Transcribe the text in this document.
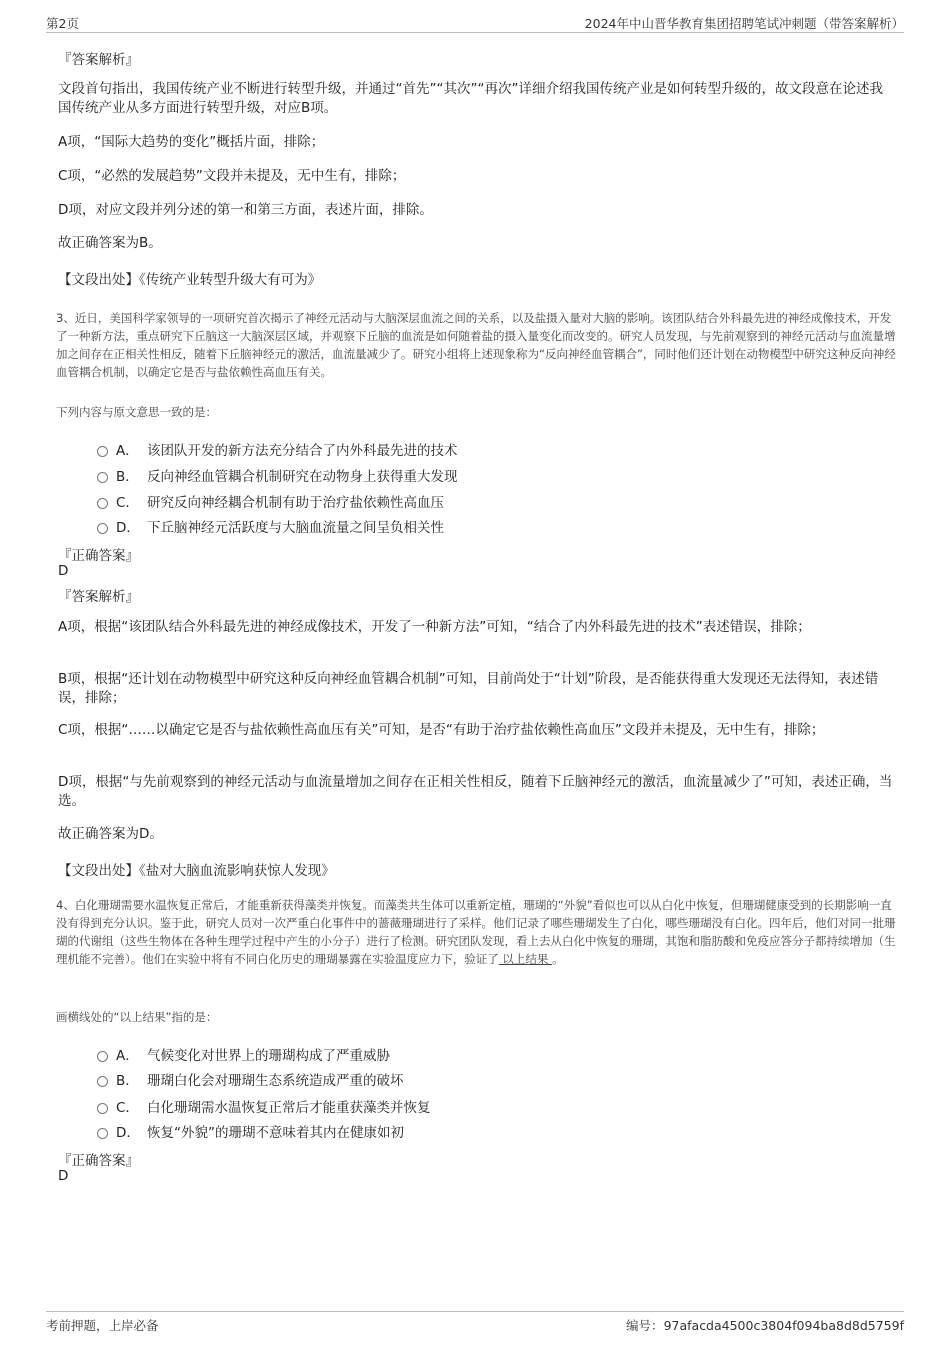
第2页	2024年中山晋华教育集团招聘笔试冲刺题（带答案解析）
『答案解析』
文段首句指出，我国传统产业不断进行转型升级，并通过“首先”“其次”“再次”详细介绍我国传统产业是如何转型升级的，故文段意在论述我国传统产业从多方面进行转型升级，对应B项。
A项，“国际大趋势的变化”概括片面，排除；
C项，“必然的发展趋势”文段并未提及，无中生有，排除；
D项，对应文段并列分述的第一和第三方面，表述片面，排除。
故正确答案为B。
【文段出处】《传统产业转型升级大有可为》
3、近日，美国科学家领导的一项研究首次揭示了神经元活动与大脑深层血流之间的关系，以及盐摄入量对大脑的影响。该团队结合外科最先进的神经成像技术，开发了一种新方法，重点研究下丘脑这一大脑深层区域，并观察下丘脑的血流是如何随着盐的摄入量变化而改变的。研究人员发现，与先前观察到的神经元活动与血流量增加之间存在正相关性相反，随着下丘脑神经元的激活，血流量减少了。研究小组将上述现象称为“反向神经血管耦合”，同时他们还计划在动物模型中研究这种反向神经血管耦合机制，以确定它是否与盐依赖性高血压有关。
下列内容与原文意思一致的是：
A． 该团队开发的新方法充分结合了内外科最先进的技术
B． 反向神经血管耦合机制研究在动物身上获得重大发现
C． 研究反向神经耦合机制有助于治疗盐依赖性高血压
D． 下丘脑神经元活跃度与大脑血流量之间呈负相关性
『正确答案』
D
『答案解析』
A项，根据“该团队结合外科最先进的神经成像技术，开发了一种新方法”可知，“结合了内外科最先进的技术”表述错误，排除；
B项，根据“还计划在动物模型中研究这种反向神经血管耦合机制”可知，目前尚处于“计划”阶段，是否能获得重大发现还无法得知，表述错误，排除；
C项，根据“……以确定它是否与盐依赖性高血压有关”可知，是否“有助于治疗盐依赖性高血压”文段并未提及，无中生有，排除；
D项，根据“与先前观察到的神经元活动与血流量增加之间存在正相关性相反，随着下丘脑神经元的激活，血流量减少了”可知，表述正确，当选。
故正确答案为D。
【文段出处】《盐对大脑血流影响获惊人发现》
4、白化珊瑚需要水温恢复正常后，才能重新获得藻类并恢复。而藻类共生体可以重新定植，珊瑚的“外貌”看似也可以从白化中恢复，但珊瑚健康受到的长期影响一直没有得到充分认识。鉴于此，研究人员对一次严重白化事件中的蔷薇珊瑚进行了采样。他们记录了哪些珊瑚发生了白化，哪些珊瑚没有白化。四年后，他们对同一批珊瑚的代谢组（这些生物体在各种生理学过程中产生的小分子）进行了检测。研究团队发现，看上去从白化中恢复的珊瑚，其饱和脂肪酸和免疫应答分子都持续增加（生理机能不完善）。他们在实验中将有不同白化历史的珊瑚暴露在实验温度应力下，验证了 以上结果 。
画横线处的“以上结果”指的是：
A． 气候变化对世界上的珊瑚构成了严重威胁
B． 珊瑚白化会对珊瑚生态系统造成严重的破坏
C． 白化珊瑚需水温恢复正常后才能重获藻类并恢复
D． 恢复“外貌”的珊瑚不意味着其内在健康如初
『正确答案』
D
考前押题，上岸必备	编号：97afacda4500c3804f094ba8d8d5759f
